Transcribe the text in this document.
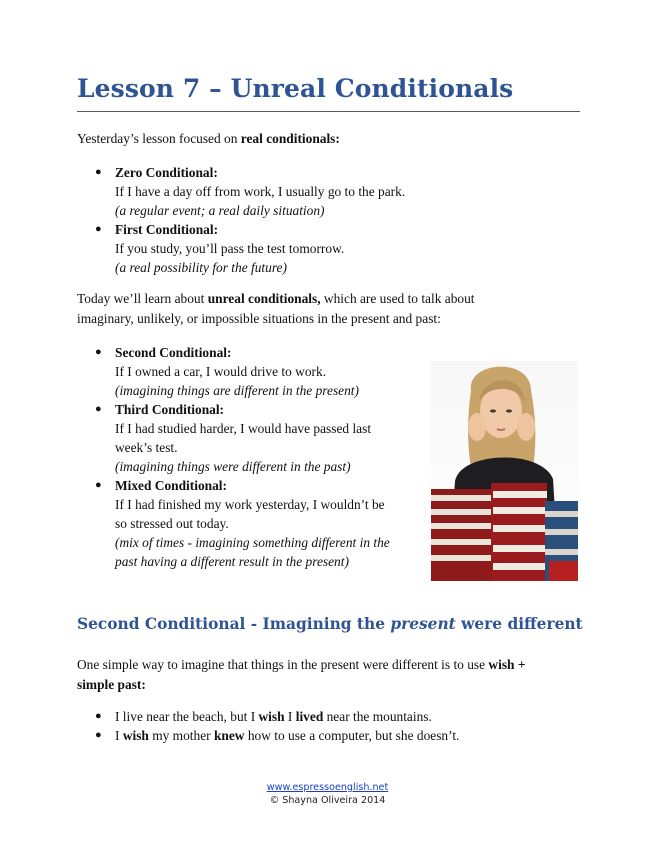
Lesson 7 – Unreal Conditionals

Yesterday’s lesson focused on real conditionals:

● Zero Conditional:
If I have a day off from work, I usually go to the park.
(a regular event; a real daily situation)
● First Conditional:
If you study, you’ll pass the test tomorrow.
(a real possibility for the future)

Today we’ll learn about unreal conditionals, which are used to talk about
imaginary, unlikely, or impossible situations in the present and past:

● Second Conditional:
If I owned a car, I would drive to work.
(imagining things are different in the present)
● Third Conditional:
If I had studied harder, I would have passed last
week’s test.
(imagining things were different in the past)
● Mixed Conditional:
If I had finished my work yesterday, I wouldn’t be
so stressed out today.
(mix of times - imagining something different in the
past having a different result in the present)
Second Conditional - Imagining the present were different

One simple way to imagine that things in the present were different is to use wish +
simple past:

● I live near the beach, but I wish I lived near the mountains.
● I wish my mother knew how to use a computer, but she doesn’t.
www.espressoenglish.net
© Shayna Oliveira 2014
